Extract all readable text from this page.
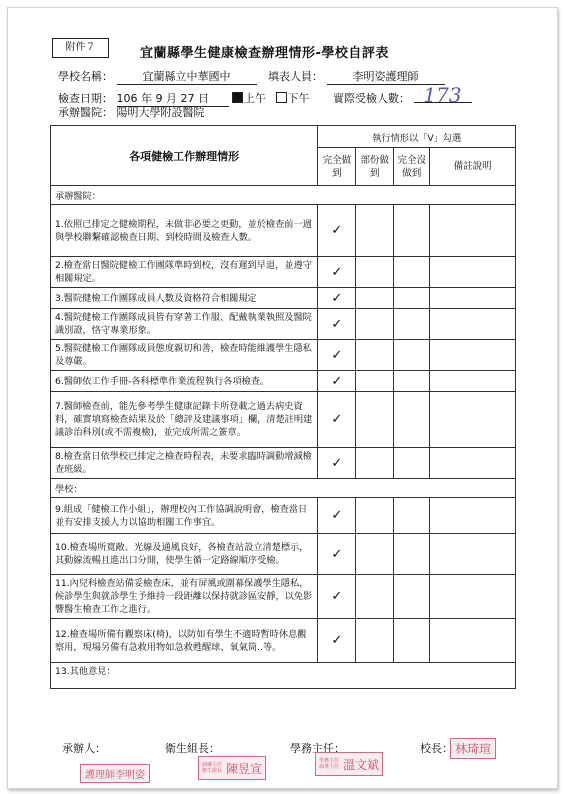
附件７	宜蘭縣學生健康檢查辦理情形-學校自評表
學校名稱：	宜蘭縣立中華國中	填表人員：	李明姿護理師
檢查日期： 106 年 9 月 27 日	上午 下午 實際受檢人數： 173
承辦醫院： 陽明大學附設醫院
各項健檢工作辦理情形	執行情形以「V」勾選			
	完全做到	部份做到	完全沒做到	備註說明
承辦醫院：				
1.依照已排定之健檢期程，未做非必要之更動，並於檢查前一週與學校聯繫確認檢查日期、到校時間及檢查人數。	✓			
2.檢查當日醫院健檢工作團隊準時到校，沒有遲到早退，並遵守相關規定。	✓			
3.醫院健檢工作團隊成員人數及資格符合相關規定	✓			
4.醫院健檢工作團隊成員皆有穿著工作服、配戴執業執照及醫院識別證，恪守專業形象。	✓			
5.醫院健檢工作團隊成員態度親切和善，檢查時能維護學生隱私及尊嚴。	✓			
6.醫師依工作手冊-各科標準作業流程執行各項檢查。	✓			
7.醫師檢查前，能先參考學生健康記錄卡所登載之過去病史資料，確實填寫檢查結果及於「總評及建議事項」欄，清楚註明建議診治科別(或不需複檢)，並完成所需之簽章。	✓			
8.檢查當日依學校已排定之檢查時程表，未要求臨時調動增減檢查班級。	✓			
學校：				
9.組成「健檢工作小組」，辦理校內工作協調說明會，檢查當日並有安排支援人力以協助相關工作事宜。	✓			
10.檢查場所寬敞、光線及通風良好，各檢查站設立清楚標示，其動線流暢且進出口分開，使學生循一定路線順序受檢。	✓			
11.內兒科檢查站備妥檢查床，並有屏風或圍幕保護學生隱私，候診學生與就診學生予維持一段距離以保持就診區安靜，以免影響醫生檢查工作之進行。	✓			
12.檢查場所備有觀察床(椅)，以防如有學生不適時暫時休息觀察用，現場另備有急救用物如急救甦醒球、氧氣筒..等。	✓			
13.其他意見：				
承辦人：	衛生組長：	學務主任：	校長：
護理師李明姿
訓練主任 衛生組長 陳昱宣
學務主任 訓導主任 溫文斌
林琦瑄
